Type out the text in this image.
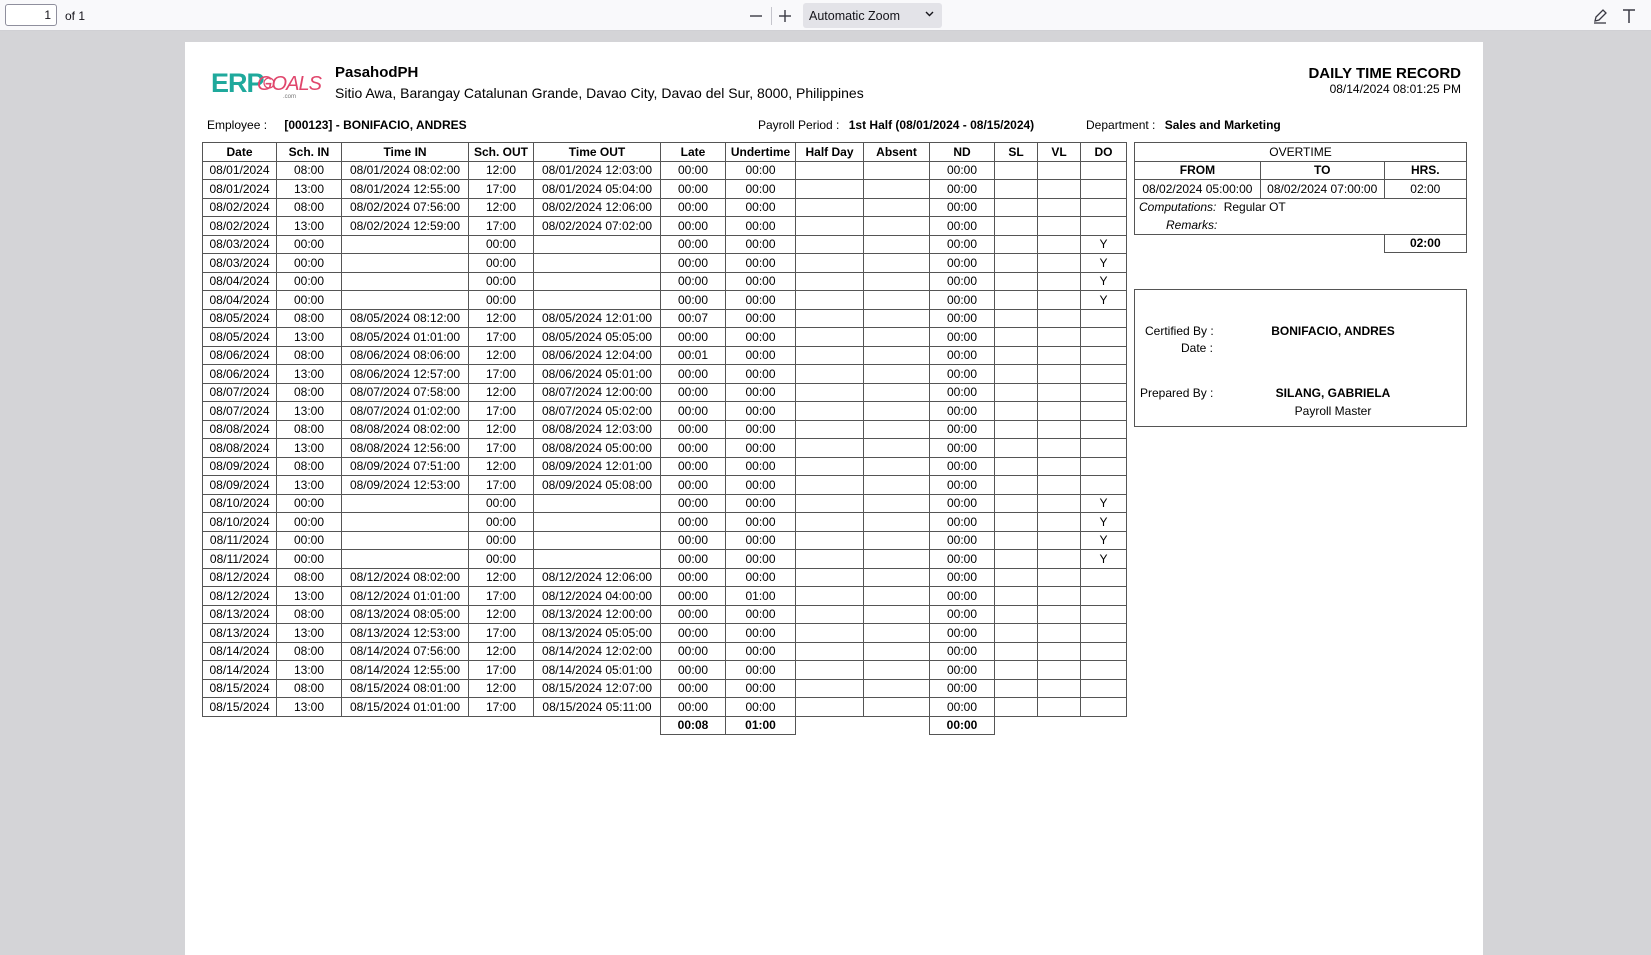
1	of 1	Automatic Zoom
ERP
GOALS
.com
PasahodPH
Sitio Awa, Barangay Catalunan Grande, Davao City, Davao del Sur, 8000, Philippines
DAILY TIME RECORD
08/14/2024 08:01:25 PM
Employee : [000123] - BONIFACIO, ANDRES	Payroll Period : 1st Half (08/01/2024 - 08/15/2024)	Department : Sales and Marketing
Date	Sch. IN	Time IN	Sch. OUT	Time OUT	Late	Undertime	Half Day	Absent	ND	SL	VL	DO
08/01/2024	08:00	08/01/2024 08:02:00	12:00	08/01/2024 12:03:00	00:00	00:00			00:00			
08/01/2024	13:00	08/01/2024 12:55:00	17:00	08/01/2024 05:04:00	00:00	00:00			00:00			
08/02/2024	08:00	08/02/2024 07:56:00	12:00	08/02/2024 12:06:00	00:00	00:00			00:00			
08/02/2024	13:00	08/02/2024 12:59:00	17:00	08/02/2024 07:02:00	00:00	00:00			00:00			
08/03/2024	00:00		00:00		00:00	00:00			00:00			Y
08/03/2024	00:00		00:00		00:00	00:00			00:00			Y
08/04/2024	00:00		00:00		00:00	00:00			00:00			Y
08/04/2024	00:00		00:00		00:00	00:00			00:00			Y
08/05/2024	08:00	08/05/2024 08:12:00	12:00	08/05/2024 12:01:00	00:07	00:00			00:00			
08/05/2024	13:00	08/05/2024 01:01:00	17:00	08/05/2024 05:05:00	00:00	00:00			00:00			
08/06/2024	08:00	08/06/2024 08:06:00	12:00	08/06/2024 12:04:00	00:01	00:00			00:00			
08/06/2024	13:00	08/06/2024 12:57:00	17:00	08/06/2024 05:01:00	00:00	00:00			00:00			
08/07/2024	08:00	08/07/2024 07:58:00	12:00	08/07/2024 12:00:00	00:00	00:00			00:00			
08/07/2024	13:00	08/07/2024 01:02:00	17:00	08/07/2024 05:02:00	00:00	00:00			00:00			
08/08/2024	08:00	08/08/2024 08:02:00	12:00	08/08/2024 12:03:00	00:00	00:00			00:00			
08/08/2024	13:00	08/08/2024 12:56:00	17:00	08/08/2024 05:00:00	00:00	00:00			00:00			
08/09/2024	08:00	08/09/2024 07:51:00	12:00	08/09/2024 12:01:00	00:00	00:00			00:00			
08/09/2024	13:00	08/09/2024 12:53:00	17:00	08/09/2024 05:08:00	00:00	00:00			00:00			
08/10/2024	00:00		00:00		00:00	00:00			00:00			Y
08/10/2024	00:00		00:00		00:00	00:00			00:00			Y
08/11/2024	00:00		00:00		00:00	00:00			00:00			Y
08/11/2024	00:00		00:00		00:00	00:00			00:00			Y
08/12/2024	08:00	08/12/2024 08:02:00	12:00	08/12/2024 12:06:00	00:00	00:00			00:00			
08/12/2024	13:00	08/12/2024 01:01:00	17:00	08/12/2024 04:00:00	00:00	01:00			00:00			
08/13/2024	08:00	08/13/2024 08:05:00	12:00	08/13/2024 12:00:00	00:00	00:00			00:00			
08/13/2024	13:00	08/13/2024 12:53:00	17:00	08/13/2024 05:05:00	00:00	00:00			00:00			
08/14/2024	08:00	08/14/2024 07:56:00	12:00	08/14/2024 12:02:00	00:00	00:00			00:00			
08/14/2024	13:00	08/14/2024 12:55:00	17:00	08/14/2024 05:01:00	00:00	00:00			00:00			
08/15/2024	08:00	08/15/2024 08:01:00	12:00	08/15/2024 12:07:00	00:00	00:00			00:00			
08/15/2024	13:00	08/15/2024 01:01:00	17:00	08/15/2024 05:11:00	00:00	00:00			00:00			
					00:08	01:00			00:00			
OVERTIME		
FROM	TO	HRS.
08/02/2024 05:00:00	08/02/2024 07:00:00	02:00
Computations: Regular OT		
Remarks:		
		02:00
Certified By :	BONIFACIO, ANDRES
Date :
Prepared By :	SILANG, GABRIELA
Payroll Master
